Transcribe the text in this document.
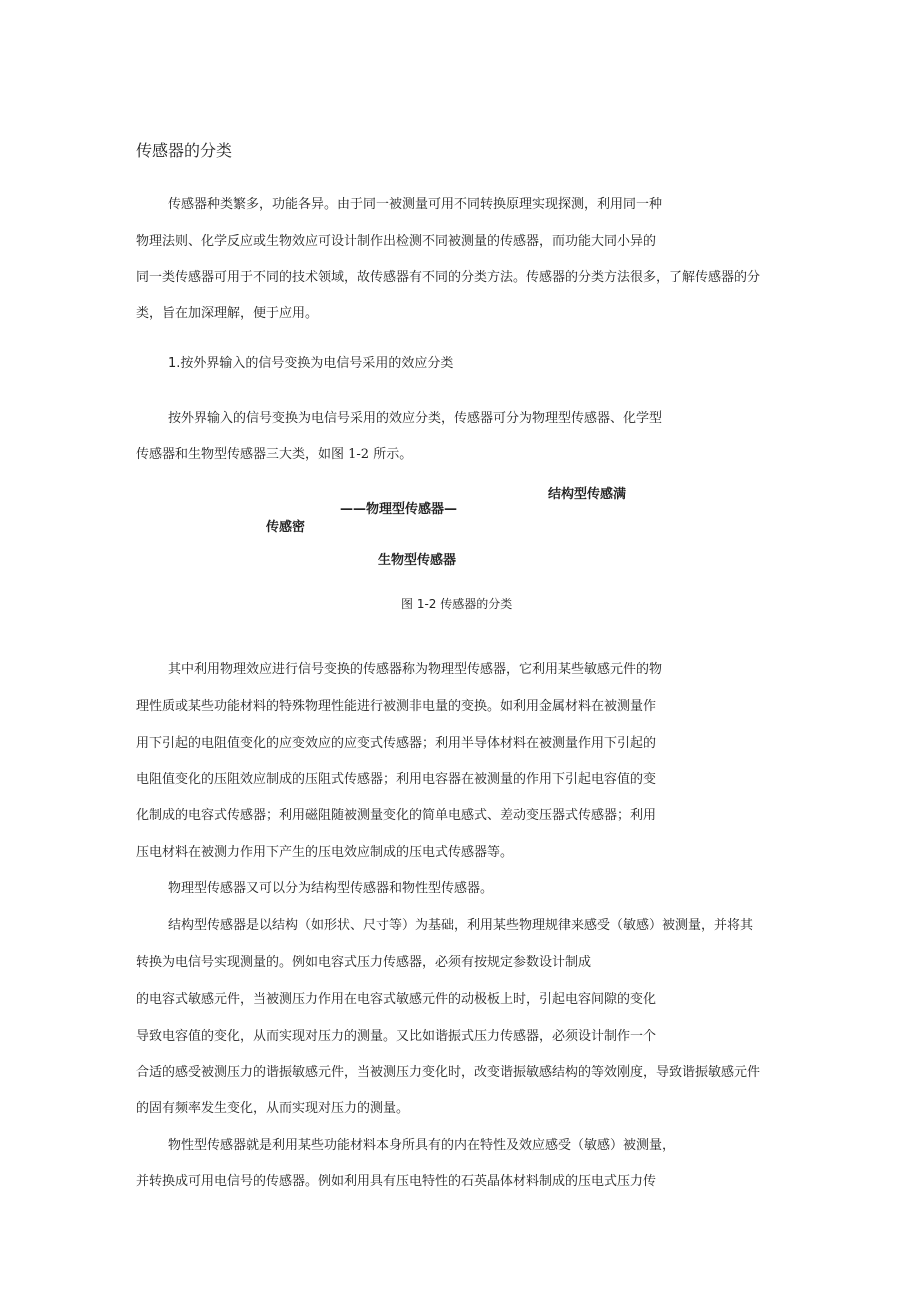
传感器的分类
传感器种类繁多，功能各异。由于同一被测量可用不同转换原理实现探测，利用同一种
物理法则、化学反应或生物效应可设计制作出检测不同被测量的传感器，而功能大同小异的
同一类传感器可用于不同的技术领域，故传感器有不同的分类方法。传感器的分类方法很多，了解传感器的分
类，旨在加深理解，便于应用。
1.按外界输入的信号变换为电信号采用的效应分类
按外界输入的信号变换为电信号采用的效应分类，传感器可分为物理型传感器、化学型
传感器和生物型传感器三大类，如图 1-2 所示。
结构型传感满
——物理型传感器—
传感密
生物型传感器
图 1-2 传感器的分类
其中利用物理效应进行信号变换的传感器称为物理型传感器，它利用某些敏感元件的物
理性质或某些功能材料的特殊物理性能进行被测非电量的变换。如利用金属材料在被测量作
用下引起的电阻值变化的应变效应的应变式传感器；利用半导体材料在被测量作用下引起的
电阻值变化的压阻效应制成的压阻式传感器；利用电容器在被测量的作用下引起电容值的变
化制成的电容式传感器；利用磁阻随被测量变化的简单电感式、差动变压器式传感器；利用
压电材料在被测力作用下产生的压电效应制成的压电式传感器等。
物理型传感器又可以分为结构型传感器和物性型传感器。
结构型传感器是以结构（如形状、尺寸等）为基础，利用某些物理规律来感受（敏感）被测量，并将其
转换为电信号实现测量的。例如电容式压力传感器，必须有按规定参数设计制成
的电容式敏感元件，当被测压力作用在电容式敏感元件的动极板上时，引起电容间隙的变化
导致电容值的变化，从而实现对压力的测量。又比如谐振式压力传感器，必须设计制作一个
合适的感受被测压力的谐振敏感元件，当被测压力变化时，改变谐振敏感结构的等效刚度，导致谐振敏感元件
的固有频率发生变化，从而实现对压力的测量。
物性型传感器就是利用某些功能材料本身所具有的内在特性及效应感受（敏感）被测量，
并转换成可用电信号的传感器。例如利用具有压电特性的石英晶体材料制成的压电式压力传
